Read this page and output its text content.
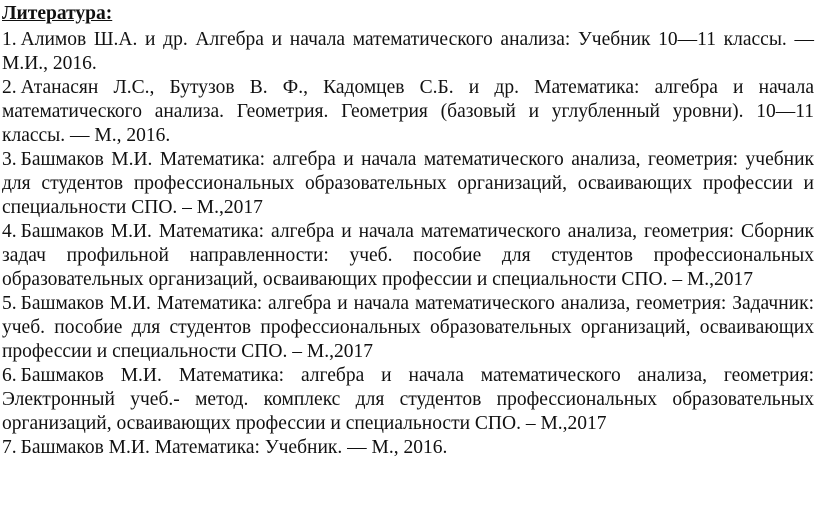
Литература:
1. Алимов Ш.А. и др. Алгебра и начала математического анализа: Учебник 10—11 классы. — М.И., 2016.
2. Атанасян Л.С., Бутузов В. Ф., Кадомцев С.Б. и др. Математика: алгебра и начала математического анализа. Геометрия. Геометрия (базовый и углубленный уровни). 10—11 классы. — М., 2016.
3. Башмаков М.И. Математика: алгебра и начала математического анализа, геометрия: учебник для студентов профессиональных образовательных организаций, осваивающих профессии и специальности СПО. – М.,2017
4. Башмаков М.И. Математика: алгебра и начала математического анализа, геометрия: Сборник задач профильной направленности: учеб. пособие для студентов профессиональных образовательных организаций, осваивающих профессии и специальности СПО. – М.,2017
5. Башмаков М.И. Математика: алгебра и начала математического анализа, геометрия: Задачник: учеб. пособие для студентов профессиональных образовательных организаций, осваивающих профессии и специальности СПО. – М.,2017
6. Башмаков М.И. Математика: алгебра и начала математического анализа, геометрия: Электронный учеб.- метод. комплекс для студентов профессиональных образовательных организаций, осваивающих профессии и специальности СПО. – М.,2017
7. Башмаков М.И. Математика: Учебник. — М., 2016.
